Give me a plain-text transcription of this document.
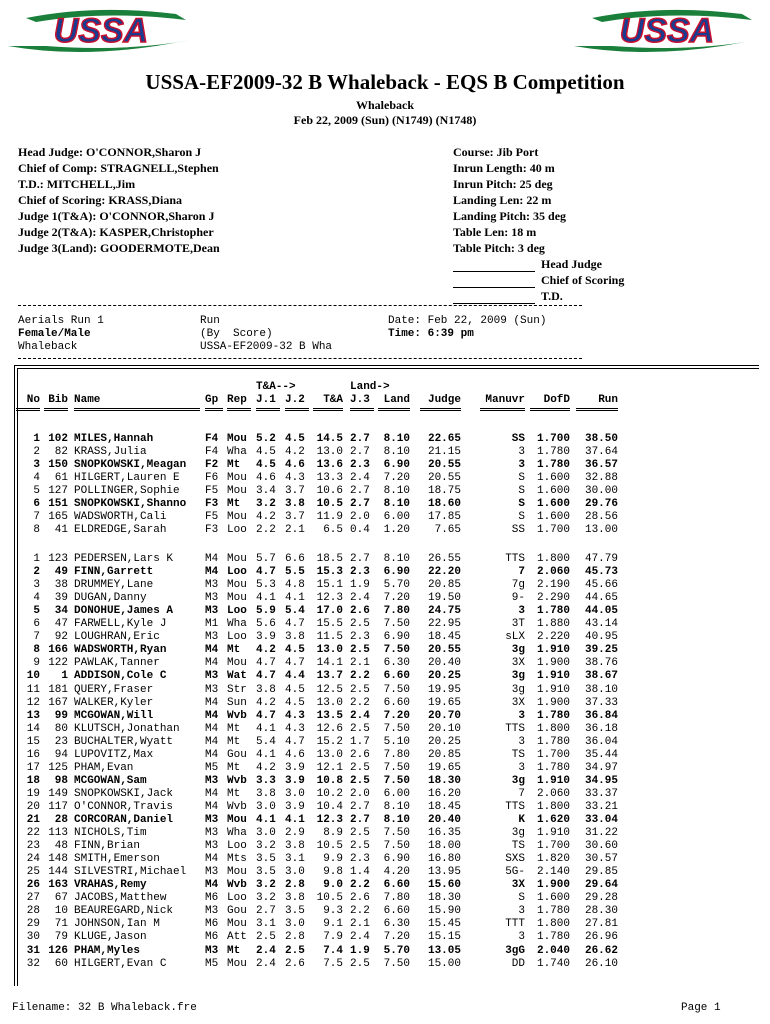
USSA	USSA
USSA-EF2009-32 B Whaleback - EQS B Competition
Whaleback
Feb 22, 2009 (Sun) (N1749) (N1748)
Head Judge: O'CONNOR,Sharon J
Chief of Comp: STRAGNELL,Stephen
T.D.: MITCHELL,Jim
Chief of Scoring: KRASS,Diana
Judge 1(T&A): O'CONNOR,Sharon J
Judge 2(T&A): KASPER,Christopher
Judge 3(Land): GOODERMOTE,Dean
Course: Jib Port
Inrun Length: 40 m
Inrun Pitch: 25 deg
Landing Len: 22 m
Landing Pitch: 35 deg
Table Len: 18 m
Table Pitch: 3 deg
Head Judge
Chief of Scoring
T.D.
Aerials Run 1
Female/Male
Whaleback
Run
(By  Score)
USSA-EF2009-32 B Wha
Date: Feb 22, 2009 (Sun)
Time: 6:39 pm
T&A-->	Land->
No Bib Name	Gp Rep J.1 J.2	T&A J.3	Land	Judge	Manuvr	DofD	Run
1 102 MILES,Hannah	F4 Mou 5.2 4.5	14.5 2.7	8.10	22.65	SS	1.700	38.50
2	82 KRASS,Julia	F4 Wha 4.5 4.2	13.0 2.7	8.10	21.15	3	1.780	37.64
3 150 SNOPKOWSKI,Meagan	F2 Mt	4.5 4.6	13.6 2.3	6.90	20.55	3	1.780	36.57
4	61 HILGERT,Lauren E	F6 Mou 4.6 4.3	13.3 2.4	7.20	20.55	S	1.600	32.88
5 127 POLLINGER,Sophie	F5 Mou 3.4 3.7	10.6 2.7	8.10	18.75	S	1.600	30.00
6 151 SNOPKOWSKI,Shanno	F3 Mt	3.2 3.8	10.5 2.7	8.10	18.60	S	1.600	29.76
7 165 WADSWORTH,Cali	F5 Mou 4.2 3.7	11.9 2.0	6.00	17.85	S	1.600	28.56
8	41 ELDREDGE,Sarah	F3 Loo 2.2 2.1	6.5 0.4	1.20	7.65	SS	1.700	13.00
1 123 PEDERSEN,Lars K	M4 Mou 5.7 6.6	18.5 2.7	8.10	26.55	TTS	1.800	47.79
2	49 FINN,Garrett	M4 Loo 4.7 5.5	15.3 2.3	6.90	22.20	7	2.060	45.73
3	38 DRUMMEY,Lane	M3 Mou 5.3 4.8	15.1 1.9	5.70	20.85	7g	2.190	45.66
4	39 DUGAN,Danny	M3 Mou 4.1 4.1	12.3 2.4	7.20	19.50	9-	2.290	44.65
5	34 DONOHUE,James A	M3 Loo 5.9 5.4	17.0 2.6	7.80	24.75	3	1.780	44.05
6	47 FARWELL,Kyle J	M1 Wha 5.6 4.7	15.5 2.5	7.50	22.95	3T	1.880	43.14
7	92 LOUGHRAN,Eric	M3 Loo 3.9 3.8	11.5 2.3	6.90	18.45	sLX	2.220	40.95
8 166 WADSWORTH,Ryan	M4 Mt	4.2 4.5	13.0 2.5	7.50	20.55	3g	1.910	39.25
9 122 PAWLAK,Tanner	M4 Mou 4.7 4.7	14.1 2.1	6.30	20.40	3X	1.900	38.76
10	1 ADDISON,Cole C	M3 Wat 4.7 4.4	13.7 2.2	6.60	20.25	3g	1.910	38.67
11 181 QUERY,Fraser	M3 Str 3.8 4.5	12.5 2.5	7.50	19.95	3g	1.910	38.10
12 167 WALKER,Kyler	M4 Sun 4.2 4.5	13.0 2.2	6.60	19.65	3X	1.900	37.33
13	99 MCGOWAN,Will	M4 Wvb 4.7 4.3	13.5 2.4	7.20	20.70	3	1.780	36.84
14	80 KLUTSCH,Jonathan	M4 Mt	4.1 4.3	12.6 2.5	7.50	20.10	TTS	1.800	36.18
15	23 BUCHALTER,Wyatt	M4 Mt	5.4 4.7	15.2 1.7	5.10	20.25	3	1.780	36.04
16	94 LUPOVITZ,Max	M4 Gou 4.1 4.6	13.0 2.6	7.80	20.85	TS	1.700	35.44
17 125 PHAM,Evan	M5 Mt	4.2 3.9	12.1 2.5	7.50	19.65	3	1.780	34.97
18	98 MCGOWAN,Sam	M3 Wvb 3.3 3.9	10.8 2.5	7.50	18.30	3g	1.910	34.95
19 149 SNOPKOWSKI,Jack	M4 Mt	3.8 3.0	10.2 2.0	6.00	16.20	7	2.060	33.37
20 117 O'CONNOR,Travis	M4 Wvb 3.0 3.9	10.4 2.7	8.10	18.45	TTS	1.800	33.21
21	28 CORCORAN,Daniel	M3 Mou 4.1 4.1	12.3 2.7	8.10	20.40	K	1.620	33.04
22 113 NICHOLS,Tim	M3 Wha 3.0 2.9	8.9 2.5	7.50	16.35	3g	1.910	31.22
23	48 FINN,Brian	M3 Loo 3.2 3.8	10.5 2.5	7.50	18.00	TS	1.700	30.60
24 148 SMITH,Emerson	M4 Mts 3.5 3.1	9.9 2.3	6.90	16.80	SXS	1.820	30.57
25 144 SILVESTRI,Michael	M3 Mou 3.5 3.0	9.8 1.4	4.20	13.95	5G-	2.140	29.85
26 163 VRAHAS,Remy	M4 Wvb 3.2 2.8	9.0 2.2	6.60	15.60	3X	1.900	29.64
27	67 JACOBS,Matthew	M6 Loo 3.2 3.8	10.5 2.6	7.80	18.30	S	1.600	29.28
28	10 BEAUREGARD,Nick	M3 Gou 2.7 3.5	9.3 2.2	6.60	15.90	3	1.780	28.30
29	71 JOHNSON,Ian M	M6 Mou 3.1 3.0	9.1 2.1	6.30	15.45	TTT	1.800	27.81
30	79 KLUGE,Jason	M6 Att 2.5 2.8	7.9 2.4	7.20	15.15	3	1.780	26.96
31 126 PHAM,Myles	M3 Mt	2.4 2.5	7.4 1.9	5.70	13.05	3gG	2.040	26.62
32	60 HILGERT,Evan C	M5 Mou 2.4 2.6	7.5 2.5	7.50	15.00	DD	1.740	26.10
Filename: 32 B Whaleback.fre	Page 1
